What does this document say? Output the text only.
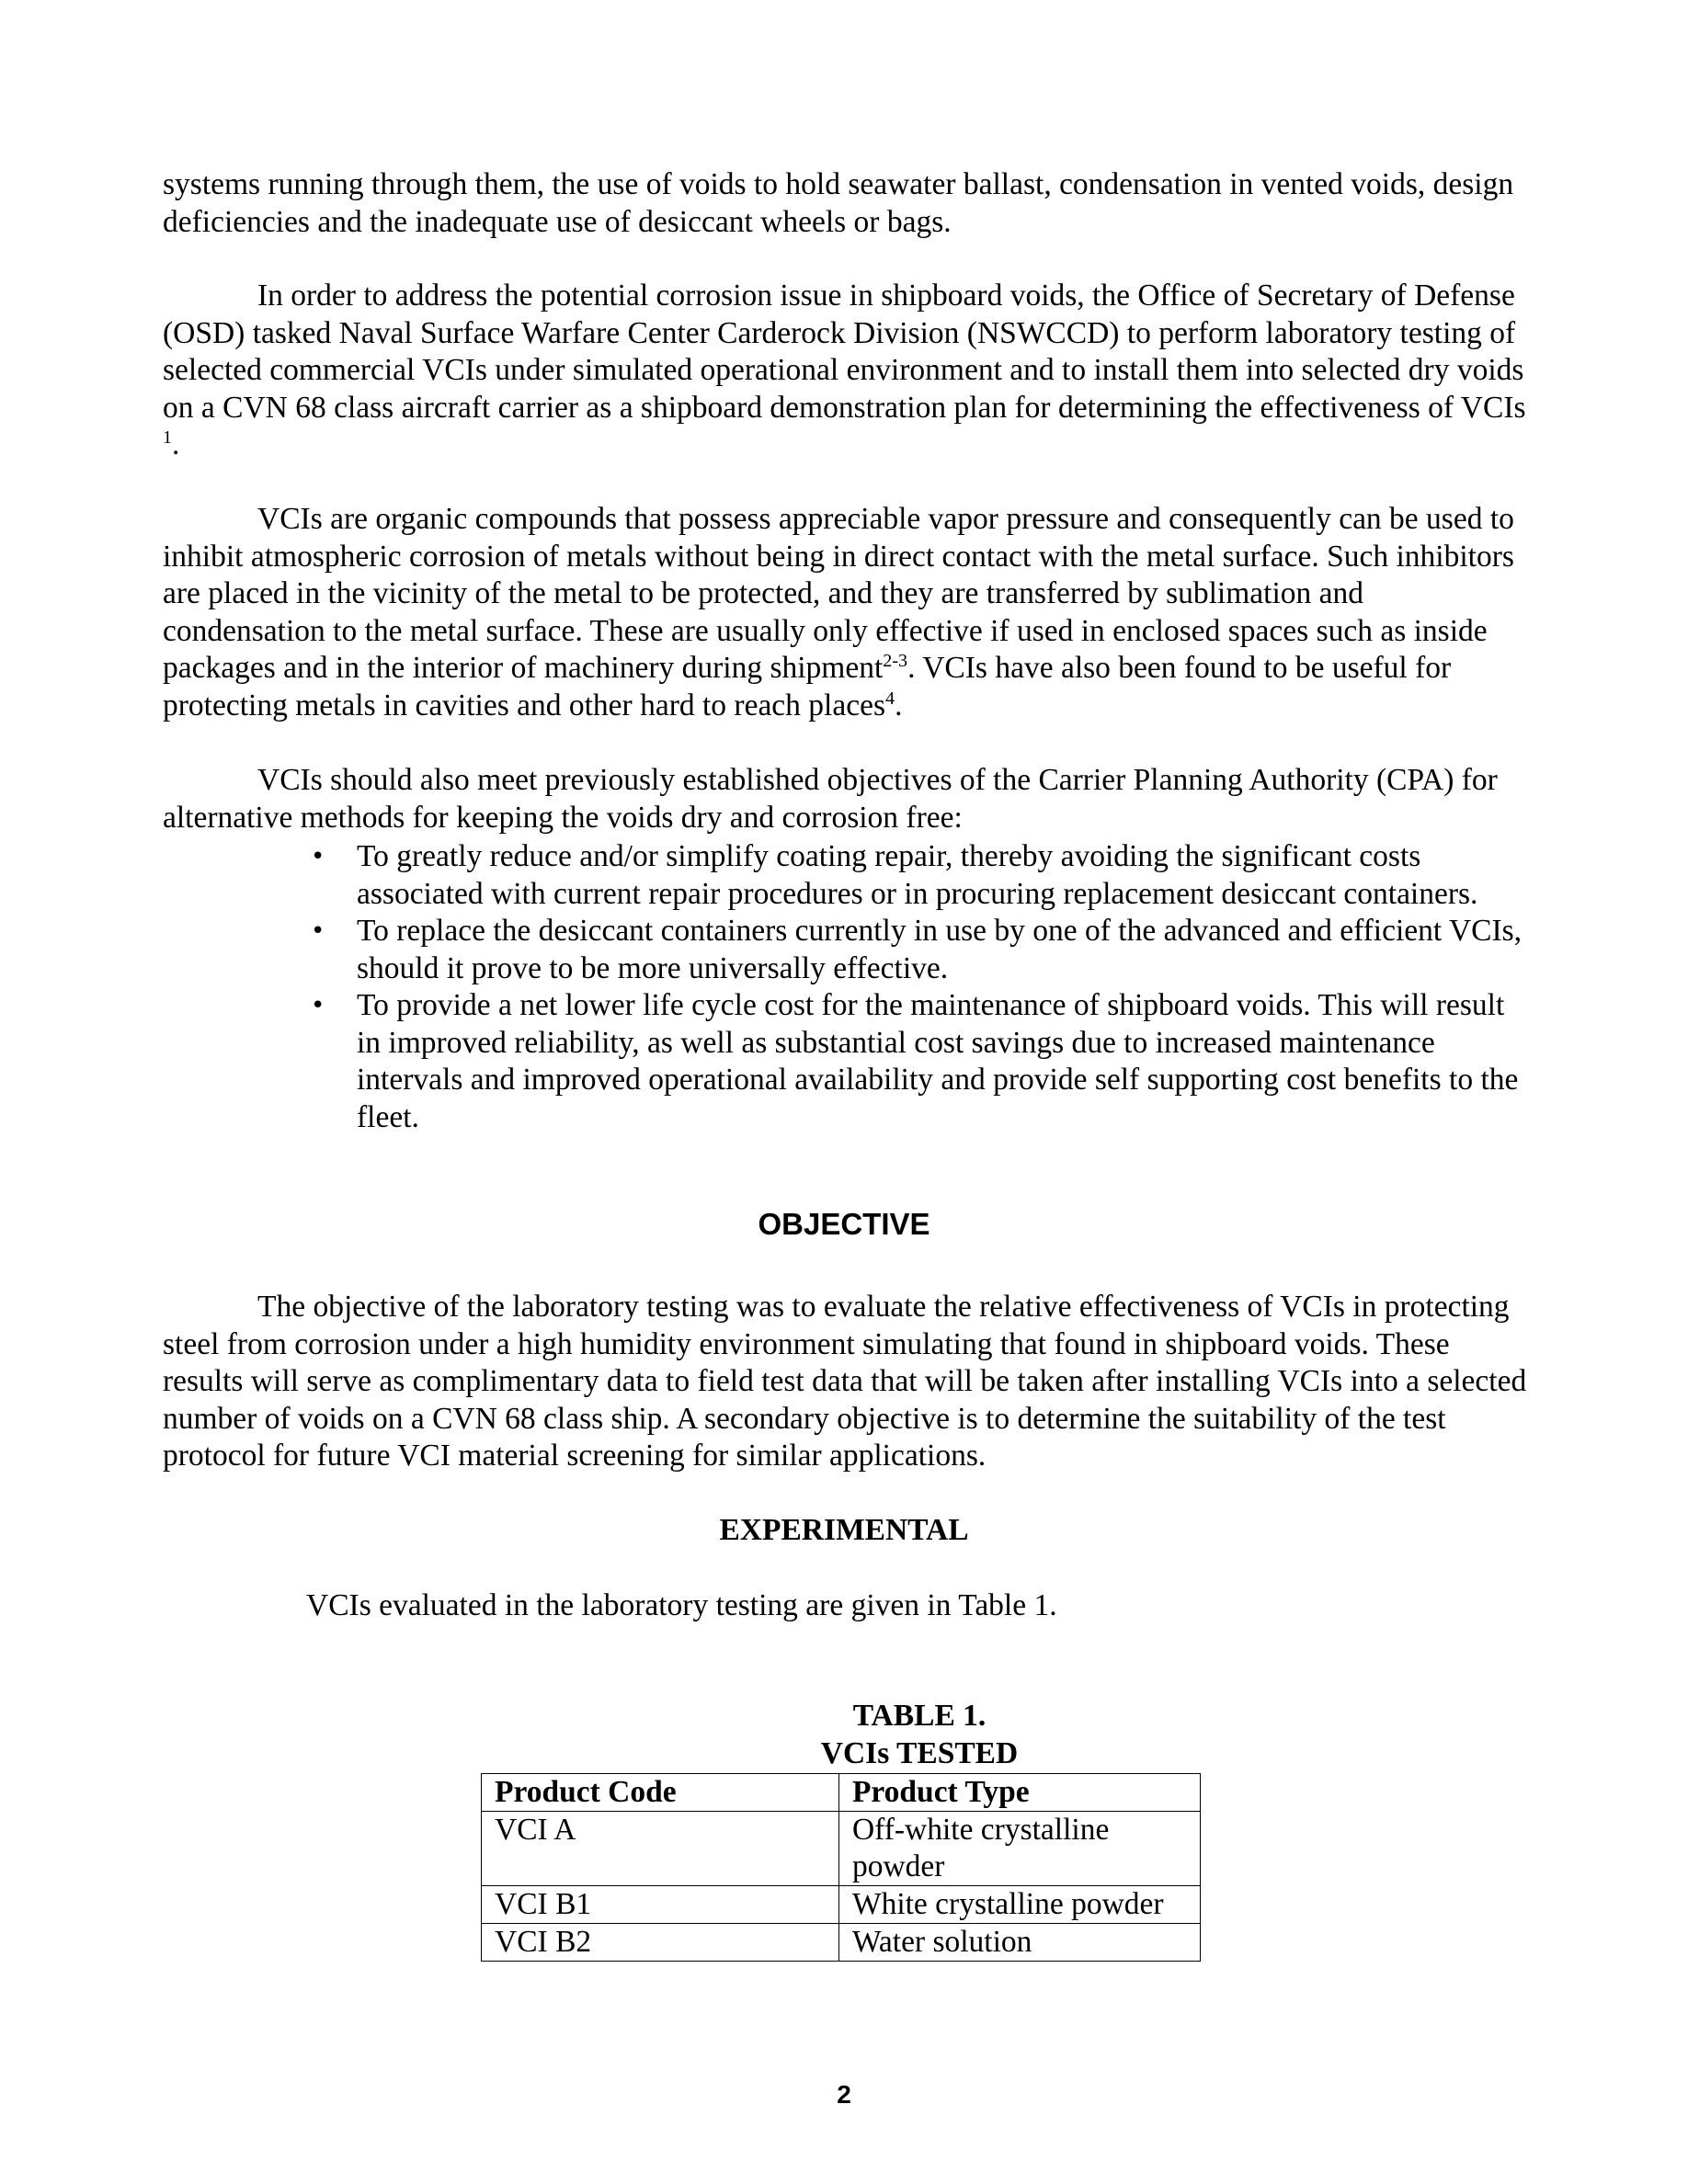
systems running through them, the use of voids to hold seawater ballast, condensation in vented voids, design deficiencies and the inadequate use of desiccant wheels or bags.

In order to address the potential corrosion issue in shipboard voids, the Office of Secretary of Defense (OSD) tasked Naval Surface Warfare Center Carderock Division (NSWCCD) to perform laboratory testing of selected commercial VCIs under simulated operational environment and to install them into selected dry voids on a CVN 68 class aircraft carrier as a shipboard demonstration plan for determining the effectiveness of VCIs $^1$.

VCIs are organic compounds that possess appreciable vapor pressure and consequently can be used to inhibit atmospheric corrosion of metals without being in direct contact with the metal surface. Such inhibitors are placed in the vicinity of the metal to be protected, and they are transferred by sublimation and condensation to the metal surface. These are usually only effective if used in enclosed spaces such as inside packages and in the interior of machinery during shipment$^{2-3}$. VCIs have also been found to be useful for protecting metals in cavities and other hard to reach places$^4$.

VCIs should also meet previously established objectives of the Carrier Planning Authority (CPA) for alternative methods for keeping the voids dry and corrosion free:

• To greatly reduce and/or simplify coating repair, thereby avoiding the significant costs associated with current repair procedures or in procuring replacement desiccant containers.
• To replace the desiccant containers currently in use by one of the advanced and efficient VCIs, should it prove to be more universally effective.
• To provide a net lower life cycle cost for the maintenance of shipboard voids. This will result in improved reliability, as well as substantial cost savings due to increased maintenance intervals and improved operational availability and provide self supporting cost benefits to the fleet.
OBJECTIVE

The objective of the laboratory testing was to evaluate the relative effectiveness of VCIs in protecting steel from corrosion under a high humidity environment simulating that found in shipboard voids. These results will serve as complimentary data to field test data that will be taken after installing VCIs into a selected number of voids on a CVN 68 class ship. A secondary objective is to determine the suitability of the test protocol for future VCI material screening for similar applications.

EXPERIMENTAL

VCIs evaluated in the laboratory testing are given in Table 1.

TABLE 1.
VCIs TESTED
Product Code	Product Type
VCI A	Off-white crystalline powder
VCI B1	White crystalline powder
VCI B2	Water solution
2
